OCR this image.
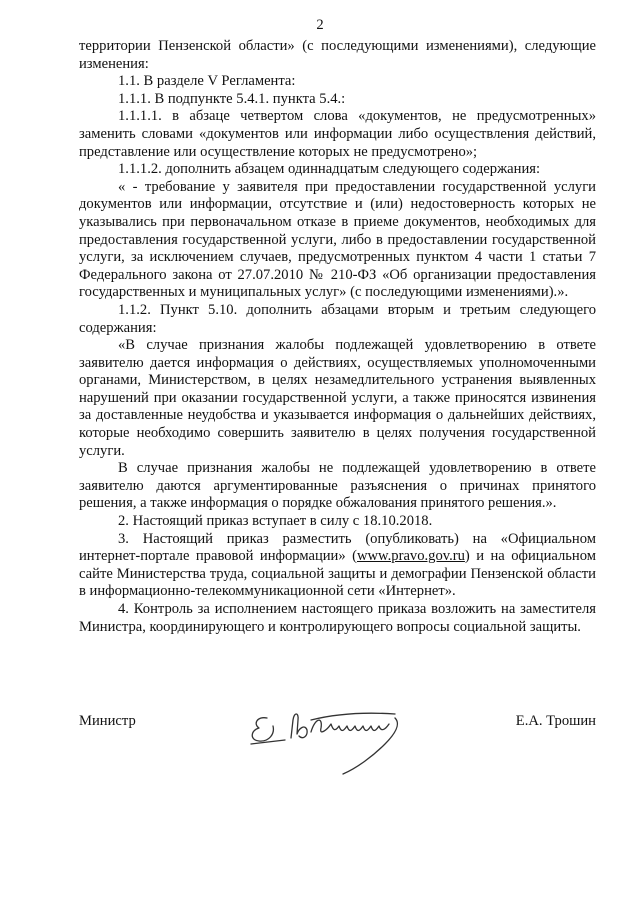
2

территории Пензенской области» (с последующими изменениями), следующие изменения:

1.1. В разделе V Регламента:

1.1.1. В подпункте 5.4.1. пункта 5.4.:

1.1.1.1. в абзаце четвертом слова «документов, не предусмотренных» заменить словами «документов или информации либо осуществления действий, представление или осуществление которых не предусмотрено»;

1.1.1.2. дополнить абзацем одиннадцатым следующего содержания:

« - требование у заявителя при предоставлении государственной услуги документов или информации, отсутствие и (или) недостоверность которых не указывались при первоначальном отказе в приеме документов, необходимых для предоставления государственной услуги, либо в предоставлении государственной услуги, за исключением случаев, предусмотренных пунктом 4 части 1 статьи 7 Федерального закона от 27.07.2010 № 210-ФЗ «Об организации предоставления государственных и муниципальных услуг» (с последующими изменениями).».

1.1.2. Пункт 5.10. дополнить абзацами вторым и третьим следующего содержания:

«В случае признания жалобы подлежащей удовлетворению в ответе заявителю дается информация о действиях, осуществляемых уполномоченными органами, Министерством, в целях незамедлительного устранения выявленных нарушений при оказании государственной услуги, а также приносятся извинения за доставленные неудобства и указывается информация о дальнейших действиях, которые необходимо совершить заявителю в целях получения государственной услуги.

В случае признания жалобы не подлежащей удовлетворению в ответе заявителю даются аргументированные разъяснения о причинах принятого решения, а также информация о порядке обжалования принятого решения.».

2. Настоящий приказ вступает в силу с 18.10.2018.

3. Настоящий приказ разместить (опубликовать) на «Официальном интернет-портале правовой информации» (www.pravo.gov.ru) и на официальном сайте Министерства труда, социальной защиты и демографии Пензенской области в информационно-телекоммуникационной сети «Интернет».

4. Контроль за исполнением настоящего приказа возложить на заместителя Министра, координирующего и контролирующего вопросы социальной защиты.

Министр	Е.А. Трошин
